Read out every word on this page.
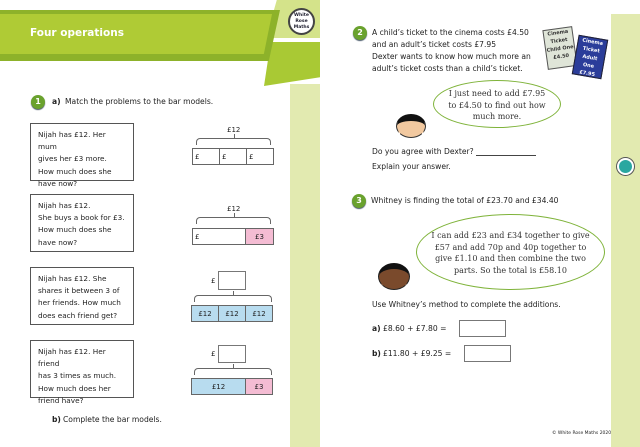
Four operations
White Rose Maths
1	a) Match the problems to the bar models.
Nijah has £12. Her mum
gives her £3 more.
How much does she
have now?
Nijah has £12.
She buys a book for £3.
How much does she
have now?
Nijah has £12. She
shares it between 3 of
her friends. How much
does each friend get?
Nijah has £12. Her friend
has 3 times as much.
How much does her
friend have?
£12
£	£	£
£12
£	£3
£
£12	£12	£12
£
£12	£3
b) Complete the bar models.
2	A child’s ticket to the cinema costs £4.50
and an adult’s ticket costs £7.95
Dexter wants to know how much more an
adult’s ticket costs than a child’s ticket.
Cinema
Ticket
Child One
£4.50
Cinema
Ticket
Adult One
£7.95
I just need to add £7.95
to £4.50 to find out how
much more.
Do you agree with Dexter?
Explain your answer.
3	Whitney is finding the total of £23.70 and £34.40
I can add £23 and £34 together to give
£57 and add 70p and 40p together to
give £1.10 and then combine the two
parts. So the total is £58.10
Use Whitney’s method to complete the additions.
a) £8.60 + £7.80 =
b) £11.80 + £9.25 =
© White Rose Maths 2020
